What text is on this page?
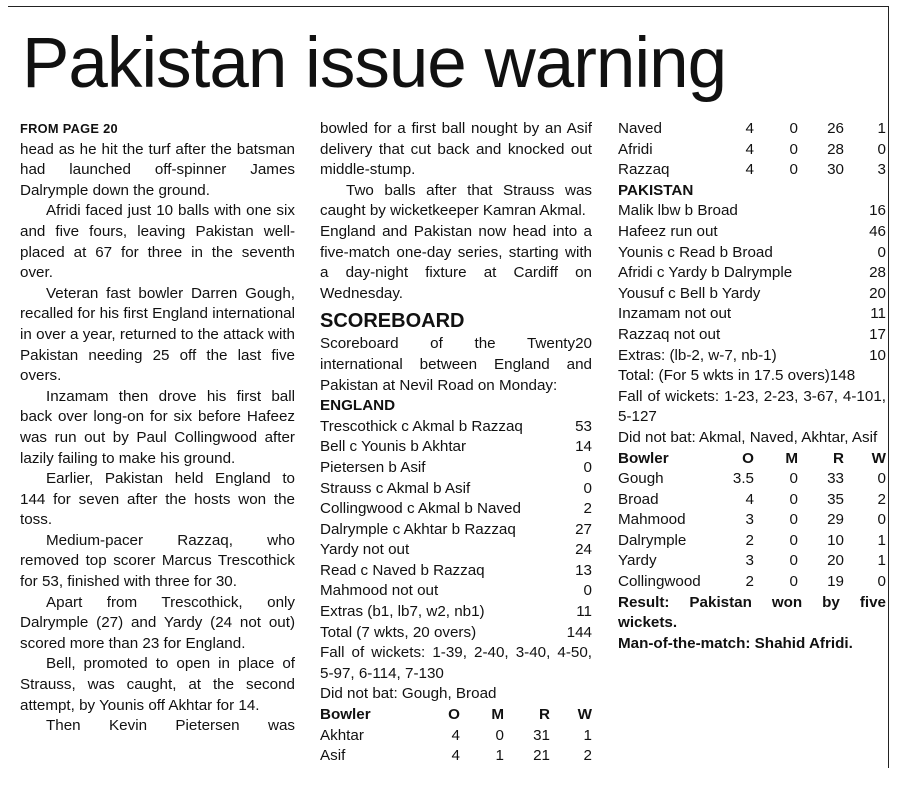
Pakistan issue warning
FROM PAGE 20

head as he hit the turf after the batsman had launched off-spinner James Dalrymple down the ground.

Afridi faced just 10 balls with one six and five fours, leaving Pakistan well-placed at 67 for three in the seventh over.

Veteran fast bowler Darren Gough, recalled for his first England international in over a year, returned to the attack with Pakistan needing 25 off the last five overs.

Inzamam then drove his first ball back over long-on for six before Hafeez was run out by Paul Collingwood after lazily failing to make his ground.

Earlier, Pakistan held England to 144 for seven after the hosts won the toss.

Medium-pacer Razzaq, who removed top scorer Marcus Trescothick for 53, finished with three for 30.

Apart from Trescothick, only Dalrymple (27) and Yardy (24 not out) scored more than 23 for England.

Bell, promoted to open in place of Strauss, was caught, at the second attempt, by Younis off Akhtar for 14.

Then Kevin Pietersen was

bowled for a first ball nought by an Asif delivery that cut back and knocked out middle-stump.

Two balls after that Strauss was caught by wicketkeeper Kamran Akmal.

England and Pakistan now head into a five-match one-day series, starting with a day-night fixture at Cardiff on Wednesday.

SCOREBOARD

Scoreboard of the Twenty20 international between England and Pakistan at Nevil Road on Monday:

ENGLAND
Trescothick c Akmal b Razzaq	53
Bell c Younis b Akhtar	14
Pietersen b Asif	0
Strauss c Akmal b Asif	0
Collingwood c Akmal b Naved	2
Dalrymple c Akhtar b Razzaq	27
Yardy not out	24
Read c Naved b Razzaq	13
Mahmood not out	0
Extras (b1, lb7, w2, nb1)	11
Total (7 wkts, 20 overs)	144

Fall of wickets: 1-39, 2-40, 3-40, 4-50, 5-97, 6-114, 7-130

Did not bat: Gough, Broad
Bowler	O	M	R	W
Akhtar	4	0	31	1
Asif	4	1	21	2
Naved	4	0	26	1
Afridi	4	0	28	0
Razzaq	4	0	30	3
PAKISTAN
Malik lbw b Broad	16
Hafeez run out	46
Younis c Read b Broad	0
Afridi c Yardy b Dalrymple	28
Yousuf c Bell b Yardy	20
Inzamam not out	11
Razzaq not out	17
Extras: (lb-2, w-7, nb-1)	10
Total: (For 5 wkts in 17.5 overs)148

Fall of wickets: 1-23, 2-23, 3-67, 4-101, 5-127

Did not bat: Akmal, Naved, Akhtar, Asif

Bowler	O	M	R	W
Gough	3.5	0	33	0
Broad	4	0	35	2
Mahmood	3	0	29	0
Dalrymple	2	0	10	1
Yardy	3	0	20	1
Collingwood	2	0	19	0

Result: Pakistan won by five wickets.

Man-of-the-match: Shahid Afridi.
